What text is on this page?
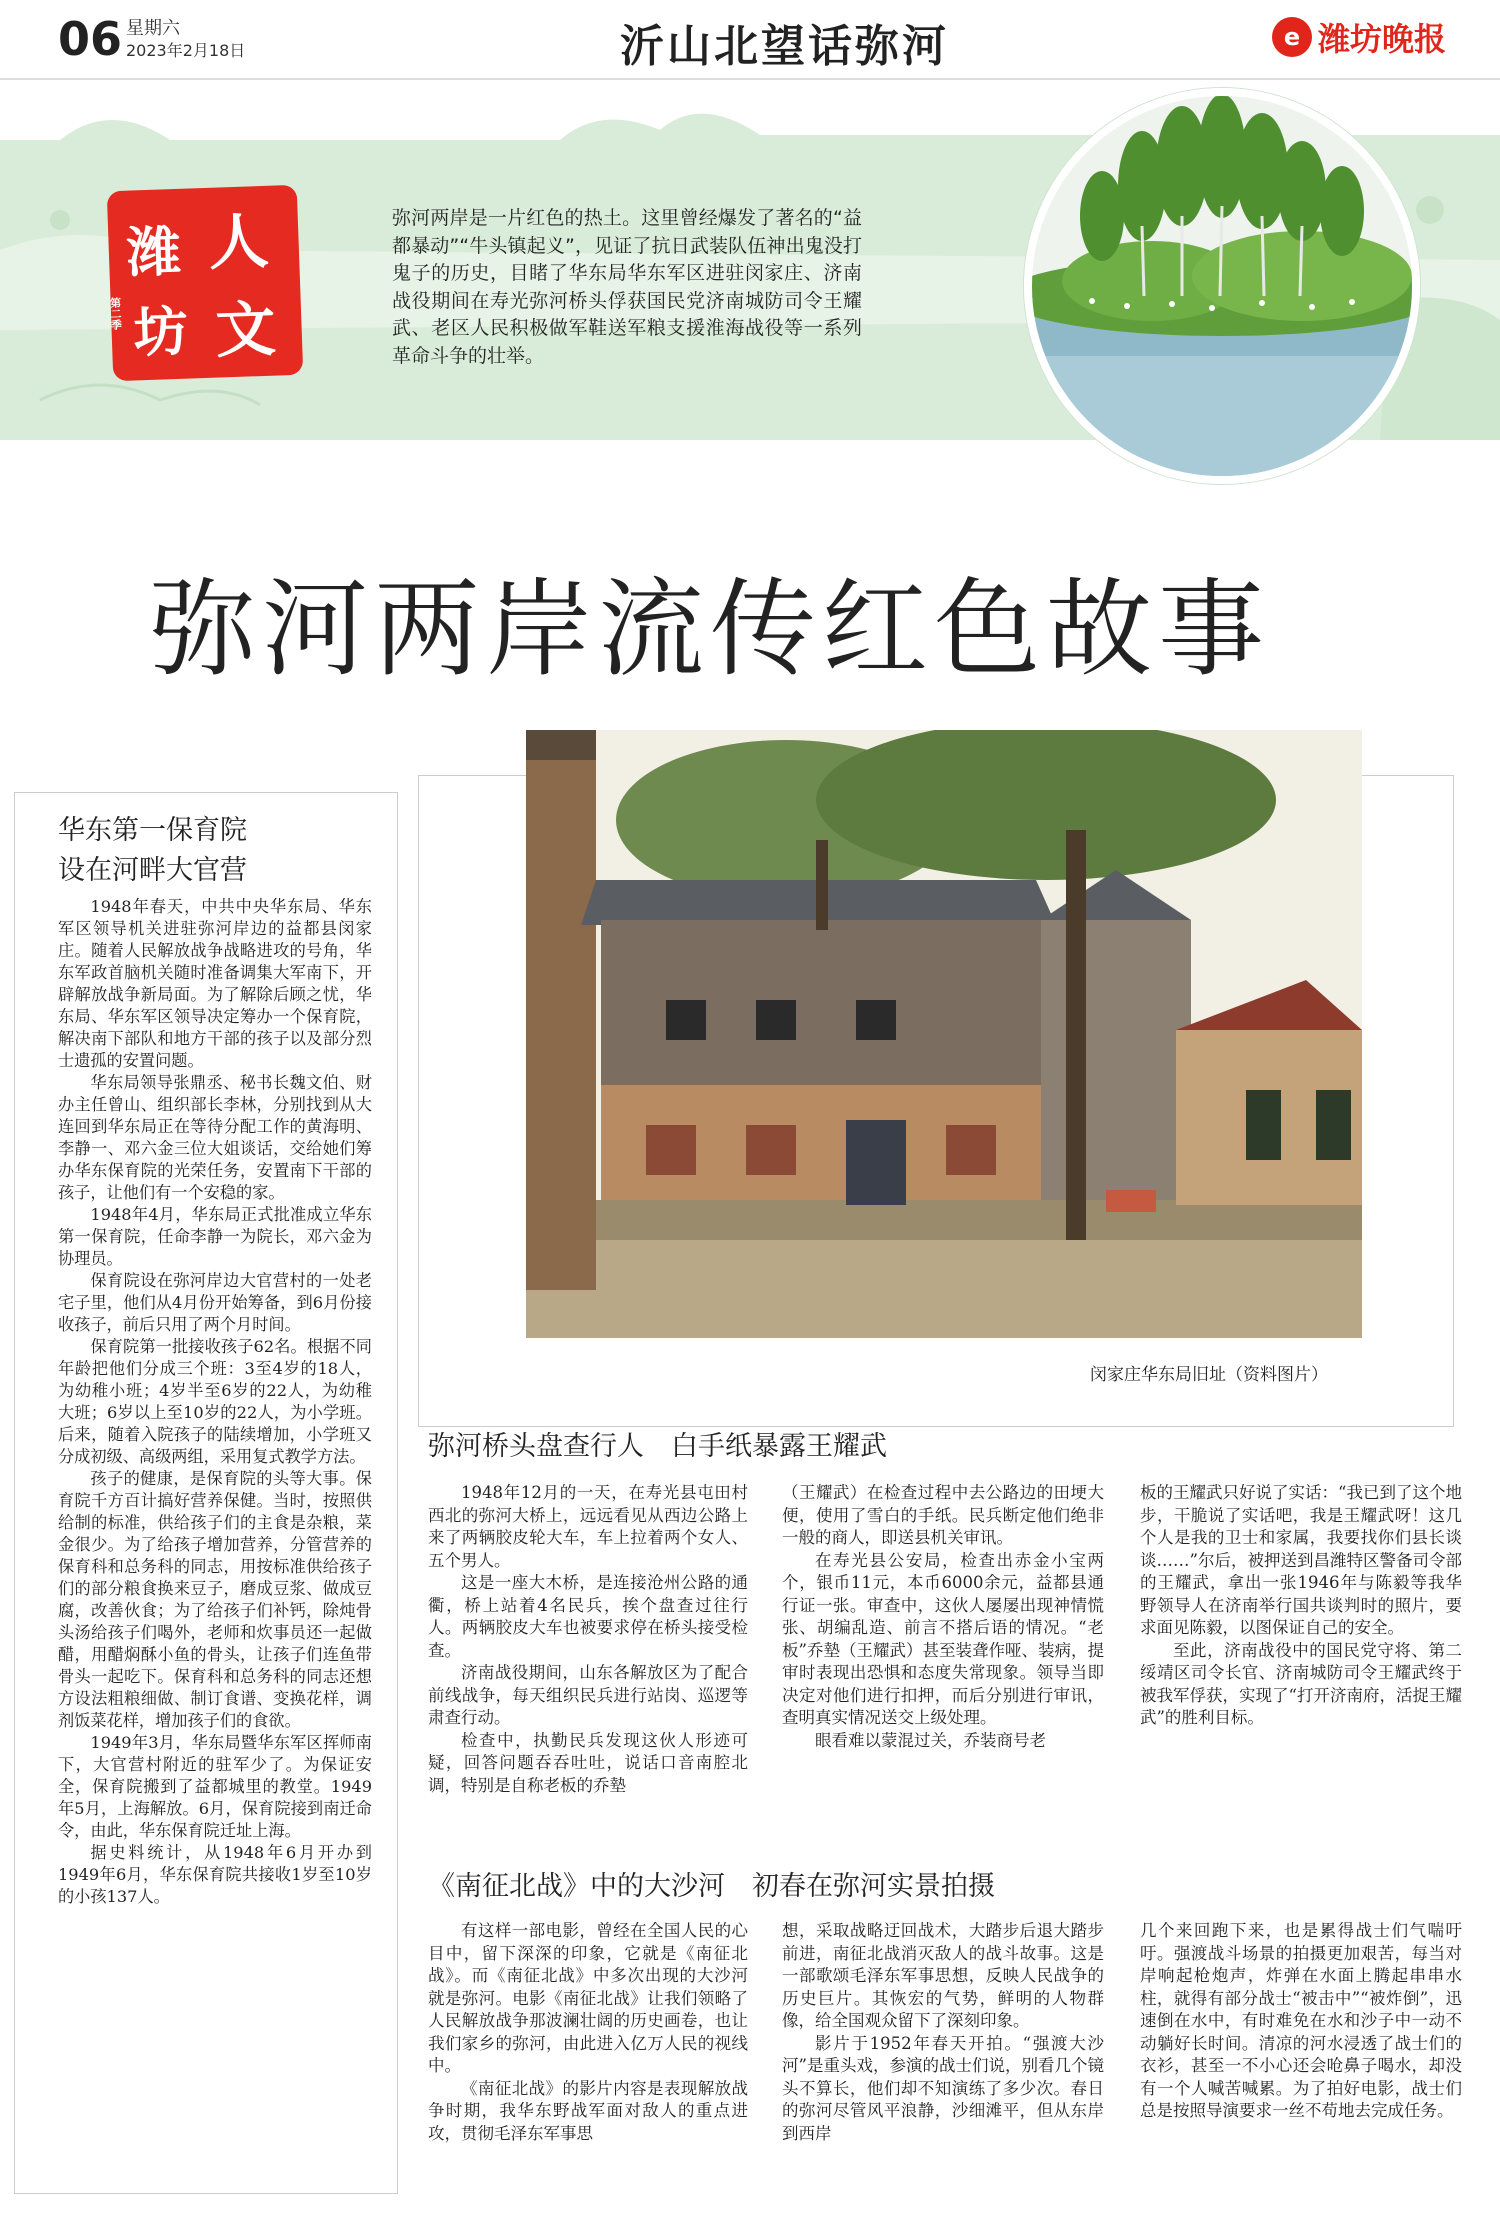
06 星期六
2023年2月18日	沂山北望话弥河	e 潍坊晚报
潍 人
坊 文
第二季
弥河两岸是一片红色的热土。这里曾经爆发了著名的“益都暴动”“牛头镇起义”，见证了抗日武装队伍神出鬼没打鬼子的历史，目睹了华东局华东军区进驻闵家庄、济南战役期间在寿光弥河桥头俘获国民党济南城防司令王耀武、老区人民积极做军鞋送军粮支援淮海战役等一系列革命斗争的壮举。
弥河两岸流传红色故事
闵家庄华东局旧址（资料图片）
华东第一保育院
设在河畔大官营

1948年春天，中共中央华东局、华东军区领导机关进驻弥河岸边的益都县闵家庄。随着人民解放战争战略进攻的号角，华东军政首脑机关随时准备调集大军南下，开辟解放战争新局面。为了解除后顾之忧，华东局、华东军区领导决定筹办一个保育院，解决南下部队和地方干部的孩子以及部分烈士遗孤的安置问题。

华东局领导张鼎丞、秘书长魏文伯、财办主任曾山、组织部长李林，分别找到从大连回到华东局正在等待分配工作的黄海明、李静一、邓六金三位大姐谈话，交给她们筹办华东保育院的光荣任务，安置南下干部的孩子，让他们有一个安稳的家。

1948年4月，华东局正式批准成立华东第一保育院，任命李静一为院长，邓六金为协理员。

保育院设在弥河岸边大官营村的一处老宅子里，他们从4月份开始筹备，到6月份接收孩子，前后只用了两个月时间。

保育院第一批接收孩子62名。根据不同年龄把他们分成三个班：3至4岁的18人，为幼稚小班；4岁半至6岁的22人，为幼稚大班；6岁以上至10岁的22人，为小学班。后来，随着入院孩子的陆续增加，小学班又分成初级、高级两组，采用复式教学方法。

孩子的健康，是保育院的头等大事。保育院千方百计搞好营养保健。当时，按照供给制的标准，供给孩子们的主食是杂粮，菜金很少。为了给孩子增加营养，分管营养的保育科和总务科的同志，用按标准供给孩子们的部分粮食换来豆子，磨成豆浆、做成豆腐，改善伙食；为了给孩子们补钙，除炖骨头汤给孩子们喝外，老师和炊事员还一起做醋，用醋焖酥小鱼的骨头，让孩子们连鱼带骨头一起吃下。保育科和总务科的同志还想方设法粗粮细做、制订食谱、变换花样，调剂饭菜花样，增加孩子们的食欲。

1949年3月，华东局暨华东军区挥师南下，大官营村附近的驻军少了。为保证安全，保育院搬到了益都城里的教堂。1949年5月，上海解放。6月，保育院接到南迁命令，由此，华东保育院迁址上海。

据史料统计，从1948年6月开办到1949年6月，华东保育院共接收1岁至10岁的小孩137人。

弥河桥头盘查行人　白手纸暴露王耀武

1948年12月的一天，在寿光县屯田村西北的弥河大桥上，远远看见从西边公路上来了两辆胶皮轮大车，车上拉着两个女人、五个男人。

这是一座大木桥，是连接沧州公路的通衢，桥上站着4名民兵，挨个盘查过往行人。两辆胶皮大车也被要求停在桥头接受检查。

济南战役期间，山东各解放区为了配合前线战争，每天组织民兵进行站岗、巡逻等肃查行动。

检查中，执勤民兵发现这伙人形迹可疑，回答问题吞吞吐吐，说话口音南腔北调，特别是自称老板的乔墊

（王耀武）在检查过程中去公路边的田埂大便，使用了雪白的手纸。民兵断定他们绝非一般的商人，即送县机关审讯。

在寿光县公安局，检查出赤金小宝两个，银币11元，本币6000余元，益都县通行证一张。审查中，这伙人屡屡出现神情慌张、胡编乱造、前言不搭后语的情况。“老板”乔墊（王耀武）甚至装聋作哑、装病，提审时表现出恐惧和态度失常现象。领导当即决定对他们进行扣押，而后分别进行审讯，查明真实情况送交上级处理。

眼看难以蒙混过关，乔装商号老

板的王耀武只好说了实话：“我已到了这个地步，干脆说了实话吧，我是王耀武呀！这几个人是我的卫士和家属，我要找你们县长谈谈……”尔后，被押送到昌潍特区警备司令部的王耀武，拿出一张1946年与陈毅等我华野领导人在济南举行国共谈判时的照片，要求面见陈毅，以图保证自己的安全。

至此，济南战役中的国民党守将、第二绥靖区司令长官、济南城防司令王耀武终于被我军俘获，实现了“打开济南府，活捉王耀武”的胜利目标。

《南征北战》中的大沙河　初春在弥河实景拍摄

有这样一部电影，曾经在全国人民的心目中，留下深深的印象，它就是《南征北战》。而《南征北战》中多次出现的大沙河就是弥河。电影《南征北战》让我们领略了人民解放战争那波澜壮阔的历史画卷，也让我们家乡的弥河，由此进入亿万人民的视线中。

《南征北战》的影片内容是表现解放战争时期，我华东野战军面对敌人的重点进攻，贯彻毛泽东军事思

想，采取战略迂回战术，大踏步后退大踏步前进，南征北战消灭敌人的战斗故事。这是一部歌颂毛泽东军事思想，反映人民战争的历史巨片。其恢宏的气势，鲜明的人物群像，给全国观众留下了深刻印象。

影片于1952年春天开拍。“强渡大沙河”是重头戏，参演的战士们说，别看几个镜头不算长，他们却不知演练了多少次。春日的弥河尽管风平浪静，沙细滩平，但从东岸到西岸

几个来回跑下来，也是累得战士们气喘吁吁。强渡战斗场景的拍摄更加艰苦，每当对岸响起枪炮声，炸弹在水面上腾起串串水柱，就得有部分战士“被击中”“被炸倒”，迅速倒在水中，有时难免在水和沙子中一动不动躺好长时间。清凉的河水浸透了战士们的衣衫，甚至一不小心还会呛鼻子喝水，却没有一个人喊苦喊累。为了拍好电影，战士们总是按照导演要求一丝不苟地去完成任务。
